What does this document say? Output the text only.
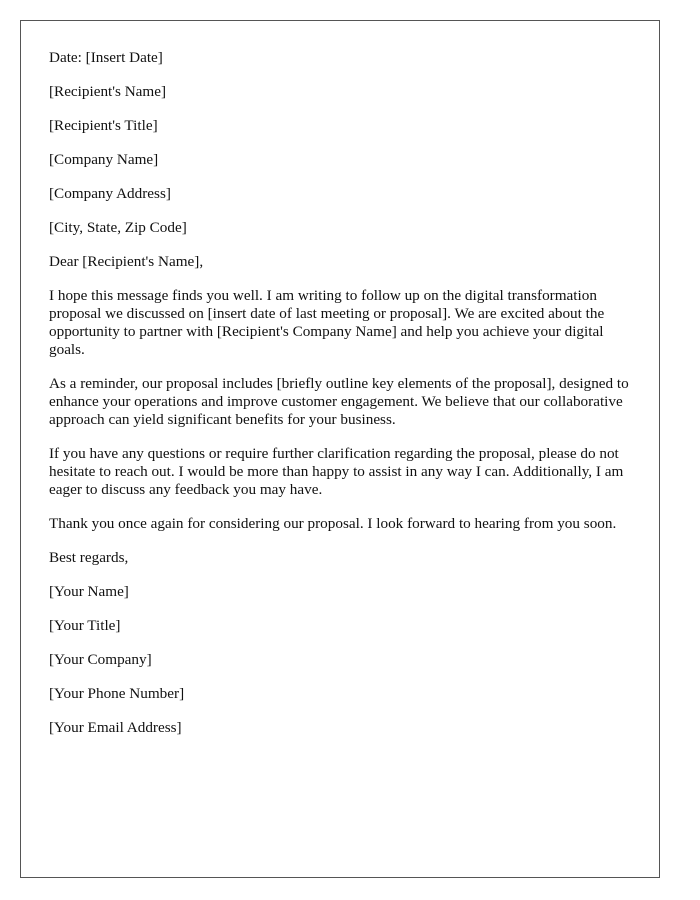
Date: [Insert Date]

[Recipient's Name]

[Recipient's Title]

[Company Name]

[Company Address]

[City, State, Zip Code]

Dear [Recipient's Name],

I hope this message finds you well. I am writing to follow up on the digital transformation proposal we discussed on [insert date of last meeting or proposal]. We are excited about the opportunity to partner with [Recipient's Company Name] and help you achieve your digital goals.

As a reminder, our proposal includes [briefly outline key elements of the proposal], designed to enhance your operations and improve customer engagement. We believe that our collaborative approach can yield significant benefits for your business.

If you have any questions or require further clarification regarding the proposal, please do not hesitate to reach out. I would be more than happy to assist in any way I can. Additionally, I am eager to discuss any feedback you may have.

Thank you once again for considering our proposal. I look forward to hearing from you soon.

Best regards,

[Your Name]

[Your Title]

[Your Company]

[Your Phone Number]

[Your Email Address]
